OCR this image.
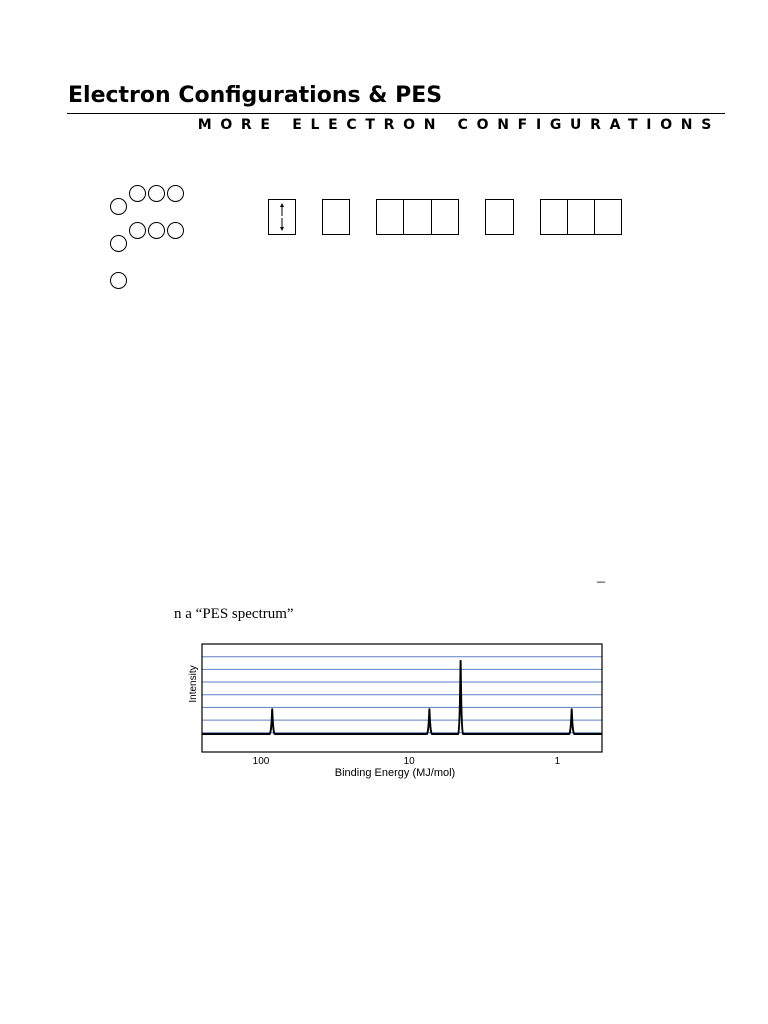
Electron Configurations & PES
MORE ELECTRON CONFIGURATIONS
–
n a “PES spectrum”
100	10	1
Binding Energy (MJ/mol)
Intensity
